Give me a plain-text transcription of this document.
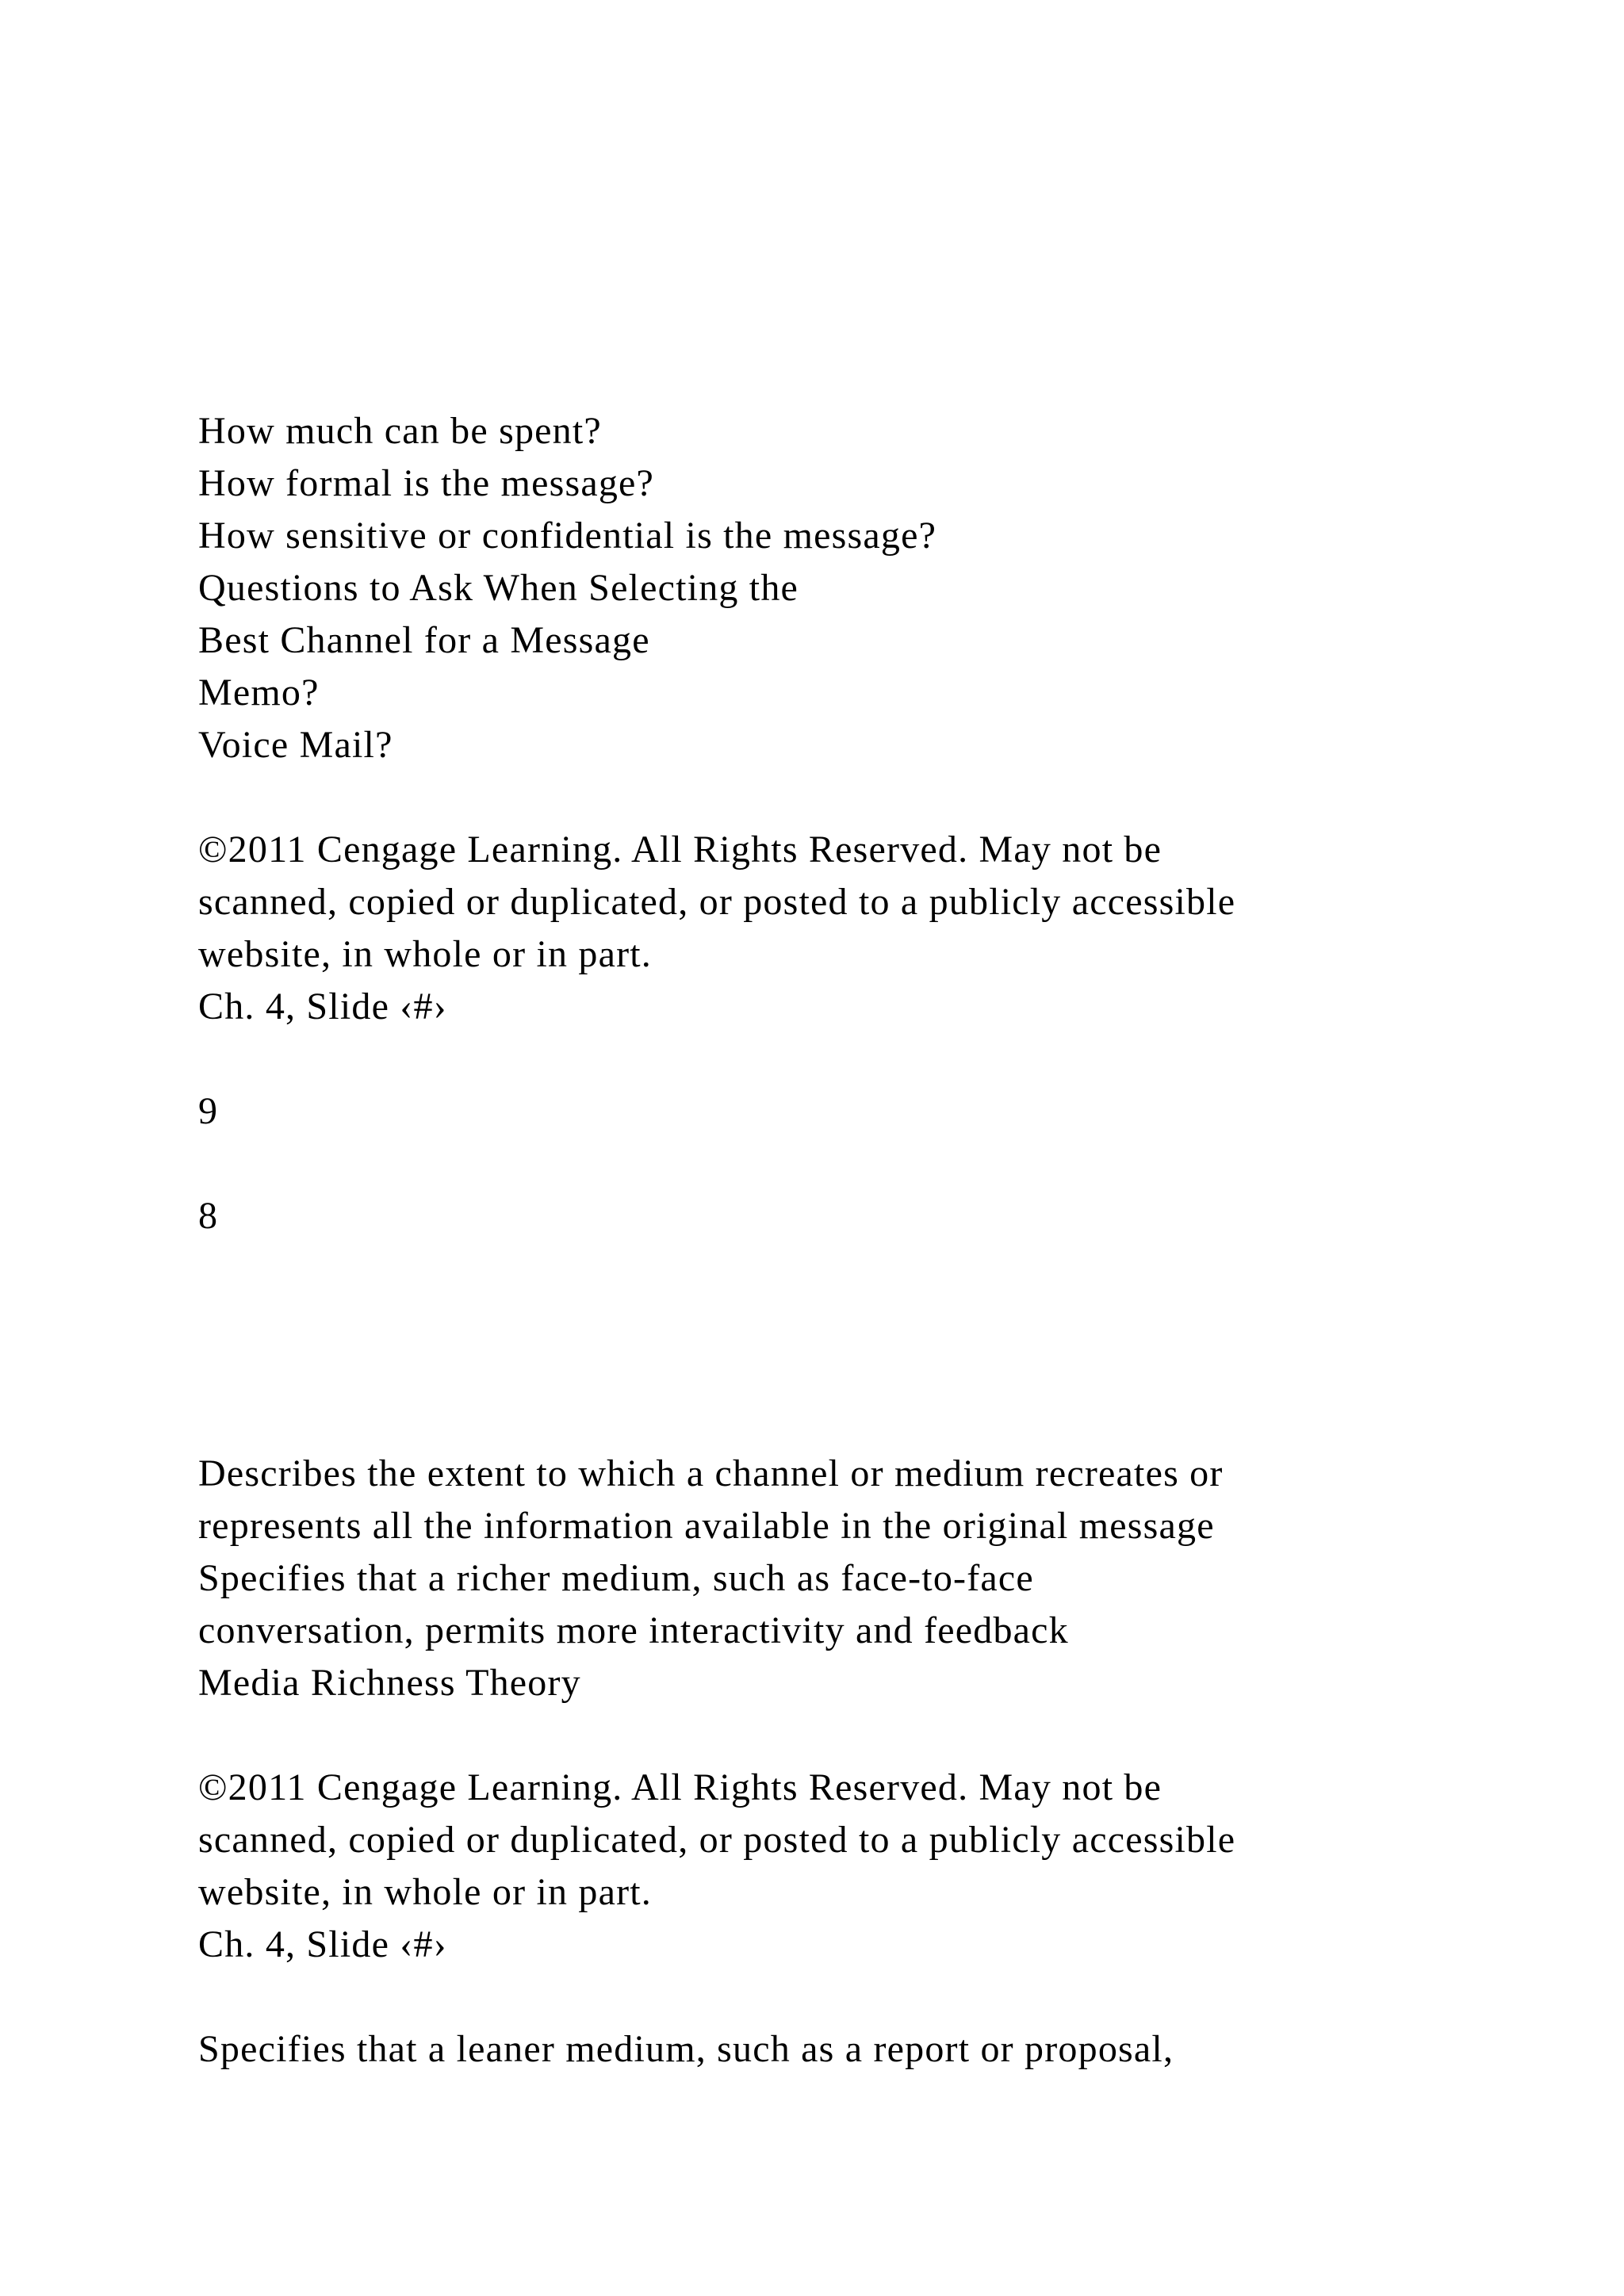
How much can be spent?

How formal is the message?

How sensitive or confidential is the message?

Questions to Ask When Selecting the

Best Channel for a Message

Memo?

Voice Mail?

©2011 Cengage Learning. All Rights Reserved. May not be

scanned, copied or duplicated, or posted to a publicly accessible

website, in whole or in part.

Ch. 4, Slide ‹#›

9

8

Describes the extent to which a channel or medium recreates or

represents all the information available in the original message

Specifies that a richer medium, such as face-to-face

conversation, permits more interactivity and feedback

Media Richness Theory

©2011 Cengage Learning. All Rights Reserved. May not be

scanned, copied or duplicated, or posted to a publicly accessible

website, in whole or in part.

Ch. 4, Slide ‹#›

Specifies that a leaner medium, such as a report or proposal,
